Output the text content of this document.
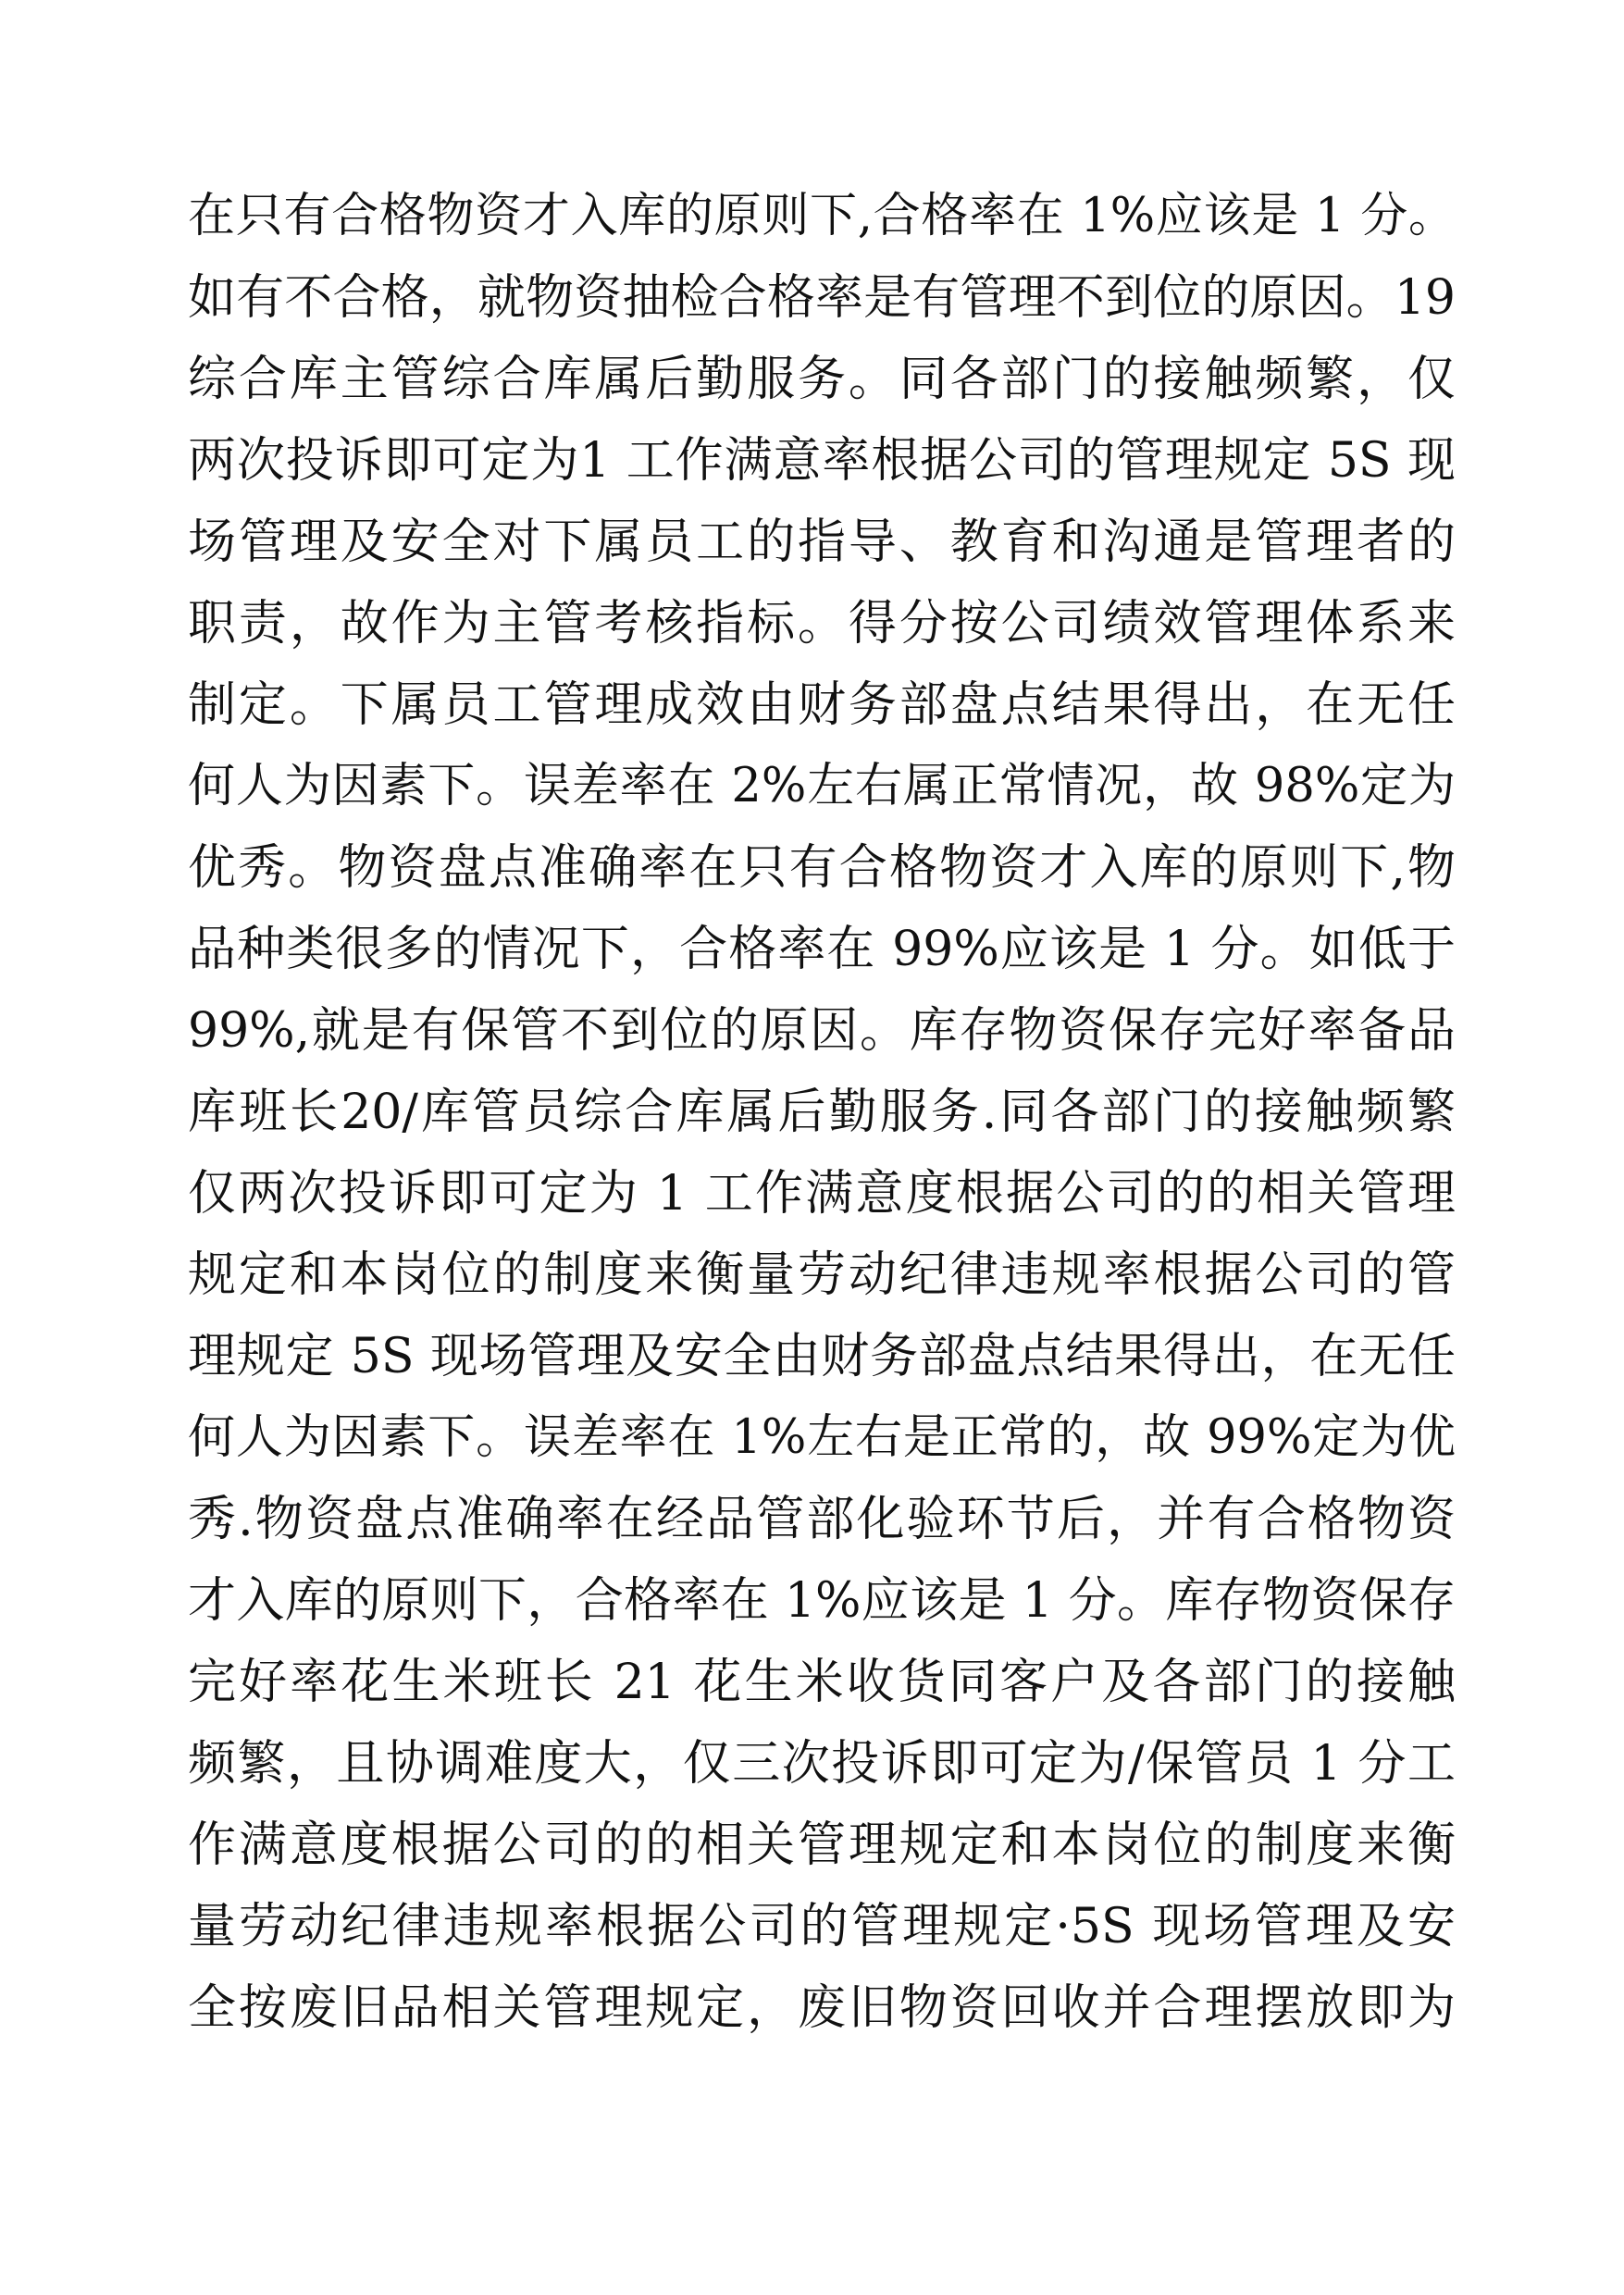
在只有合格物资才入库的原则下,合格率在 1%应该是 1 分。
如有不合格，就物资抽检合格率是有管理不到位的原因。19
综合库主管综合库属后勤服务。同各部门的接触频繁，仅
两次投诉即可定为1 工作满意率根据公司的管理规定 5S 现
场管理及安全对下属员工的指导、教育和沟通是管理者的
职责，故作为主管考核指标。得分按公司绩效管理体系来
制定。下属员工管理成效由财务部盘点结果得出，在无任
何人为因素下。误差率在 2%左右属正常情况，故 98%定为
优秀。物资盘点准确率在只有合格物资才入库的原则下,物
品种类很多的情况下，合格率在 99%应该是 1 分。如低于
99%,就是有保管不到位的原因。库存物资保存完好率备品
库班长20/库管员综合库属后勤服务.同各部门的接触频繁
仅两次投诉即可定为 1 工作满意度根据公司的的相关管理
规定和本岗位的制度来衡量劳动纪律违规率根据公司的管
理规定 5S 现场管理及安全由财务部盘点结果得出，在无任
何人为因素下。误差率在 1%左右是正常的，故 99%定为优
秀.物资盘点准确率在经品管部化验环节后，并有合格物资
才入库的原则下，合格率在 1%应该是 1 分。库存物资保存
完好率花生米班长 21 花生米收货同客户及各部门的接触
频繁，且协调难度大，仅三次投诉即可定为/保管员 1 分工
作满意度根据公司的的相关管理规定和本岗位的制度来衡
量劳动纪律违规率根据公司的管理规定·5S 现场管理及安
全按废旧品相关管理规定，废旧物资回收并合理摆放即为
